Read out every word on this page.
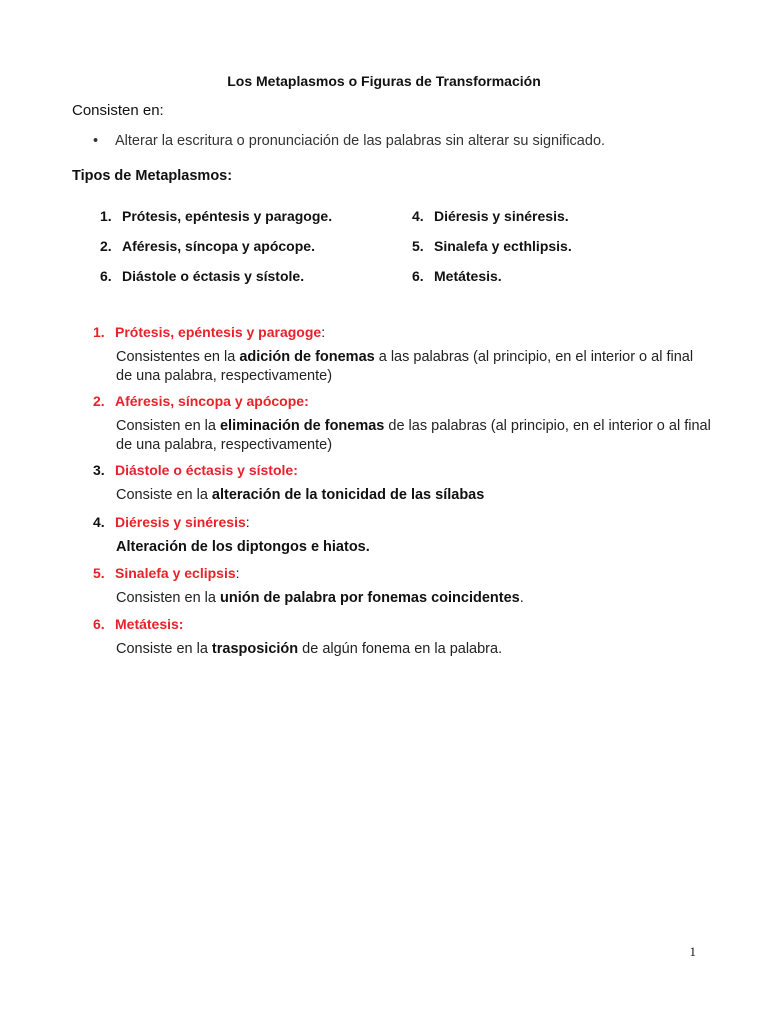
Los Metaplasmos o Figuras de Transformación
Consisten en:
• Alterar la escritura o pronunciación de las palabras sin alterar su significado.
Tipos de Metaplasmos:
1. Prótesis, epéntesis y paragoge.	4. Diéresis y sinéresis.
2. Aféresis, síncopa y apócope.	5. Sinalefa y ecthlipsis.
6. Diástole o éctasis y sístole.	6. Metátesis.
1. Prótesis, epéntesis y paragoge:
Consistentes en la adición de fonemas a las palabras (al principio, en el interior o al final de una palabra, respectivamente)
2. Aféresis, síncopa y apócope:
Consisten en la eliminación de fonemas de las palabras (al principio, en el interior o al final de una palabra, respectivamente)
3. Diástole o éctasis y sístole:
Consiste en la alteración de la tonicidad de las sílabas
4. Diéresis y sinéresis:
Alteración de los diptongos e hiatos.
5. Sinalefa y eclipsis:
Consisten en la unión de palabra por fonemas coincidentes.
6. Metátesis:
Consiste en la trasposición de algún fonema en la palabra.
1
